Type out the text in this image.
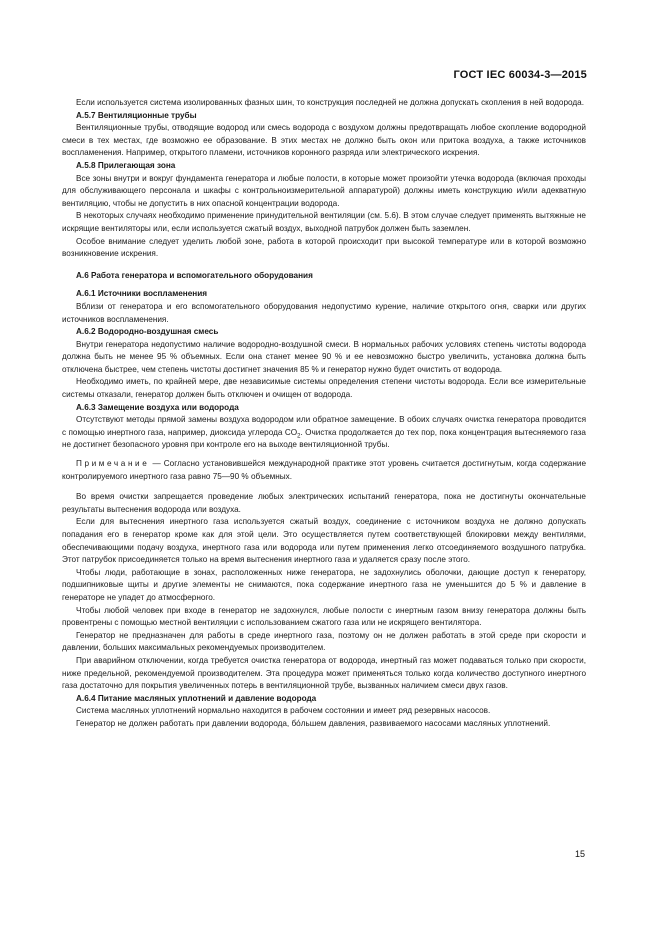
ГОСТ IEC 60034-3—2015

Если используется система изолированных фазных шин, то конструкция последней не должна допускать скопления в ней водорода.

А.5.7 Вентиляционные трубы

Вентиляционные трубы, отводящие водород или смесь водорода с воздухом должны предотвращать любое скопление водородной смеси в тех местах, где возможно ее образование. В этих местах не должно быть окон или притока воздуха, а также источников воспламенения. Например, открытого пламени, источников коронного разряда или электрического искрения.

А.5.8 Прилегающая зона

Все зоны внутри и вокруг фундамента генератора и любые полости, в которые может произойти утечка водорода (включая проходы для обслуживающего персонала и шкафы с контрольноизмерительной аппаратурой) должны иметь конструкцию и/или адекватную вентиляцию, чтобы не допустить в них опасной концентрации водорода.

В некоторых случаях необходимо применение принудительной вентиляции (см. 5.6). В этом случае следует применять вытяжные не искрящие вентиляторы или, если используется сжатый воздух, выходной патрубок должен быть заземлен.

Особое внимание следует уделить любой зоне, работа в которой происходит при высокой температуре или в которой возможно возникновение искрения.

А.6 Работа генератора и вспомогательного оборудования
А.6.1 Источники воспламенения

Вблизи от генератора и его вспомогательного оборудования недопустимо курение, наличие открытого огня, сварки или других источников воспламенения.

А.6.2 Водородно-воздушная смесь

Внутри генератора недопустимо наличие водородно-воздушной смеси. В нормальных рабочих условиях степень чистоты водорода должна быть не менее 95 % объемных. Если она станет менее 90 % и ее невозможно быстро увеличить, установка должна быть отключена быстрее, чем степень чистоты достигнет значения 85 % и генератор нужно будет очистить от водорода.

Необходимо иметь, по крайней мере, две независимые системы определения степени чистоты водорода. Если все измерительные системы отказали, генератор должен быть отключен и очищен от водорода.

А.6.3 Замещение воздуха или водорода

Отсутствуют методы прямой замены воздуха водородом или обратное замещение. В обоих случаях очистка генератора проводится с помощью инертного газа, например, диоксида углерода $CO_2$. Очистка продолжается до тех пор, пока концентрация вытесняемого газа не достигнет безопасного уровня при контроле его на выходе вентиляционной трубы.

Примечание — Согласно установившейся международной практике этот уровень считается достигнутым, когда содержание контролируемого инертного газа равно 75—90 % объемных.

Во время очистки запрещается проведение любых электрических испытаний генератора, пока не достигнуты окончательные результаты вытеснения водорода или воздуха.

Если для вытеснения инертного газа используется сжатый воздух, соединение с источником воздуха не должно допускать попадания его в генератор кроме как для этой цели. Это осуществляется путем соответствующей блокировки между вентилями, обеспечивающими подачу воздуха, инертного газа или водорода или путем применения легко отсоединяемого воздушного патрубка. Этот патрубок присоединяется только на время вытеснения инертного газа и удаляется сразу после этого.

Чтобы люди, работающие в зонах, расположенных ниже генератора, не задохнулись оболочки, дающие доступ к генератору, подшипниковые щиты и другие элементы не снимаются, пока содержание инертного газа не уменьшится до 5 % и давление в генераторе не упадет до атмосферного.

Чтобы любой человек при входе в генератор не задохнулся, любые полости с инертным газом внизу генератора должны быть провентрены с помощью местной вентиляции с использованием сжатого газа или не искрящего вентилятора.

Генератор не предназначен для работы в среде инертного газа, поэтому он не должен работать в этой среде при скорости и давлении, больших максимальных рекомендуемых производителем.

При аварийном отключении, когда требуется очистка генератора от водорода, инертный газ может подаваться только при скорости, ниже предельной, рекомендуемой производителем. Эта процедура может применяться только когда количество доступного инертного газа достаточно для покрытия увеличенных потерь в вентиляционной трубе, вызванных наличием смеси двух газов.

А.6.4 Питание масляных уплотнений и давление водорода

Система масляных уплотнений нормально находится в рабочем состоянии и имеет ряд резервных насосов.

Генератор не должен работать при давлении водорода, бо́льшем давления, развиваемого насосами масляных уплотнений.

15
